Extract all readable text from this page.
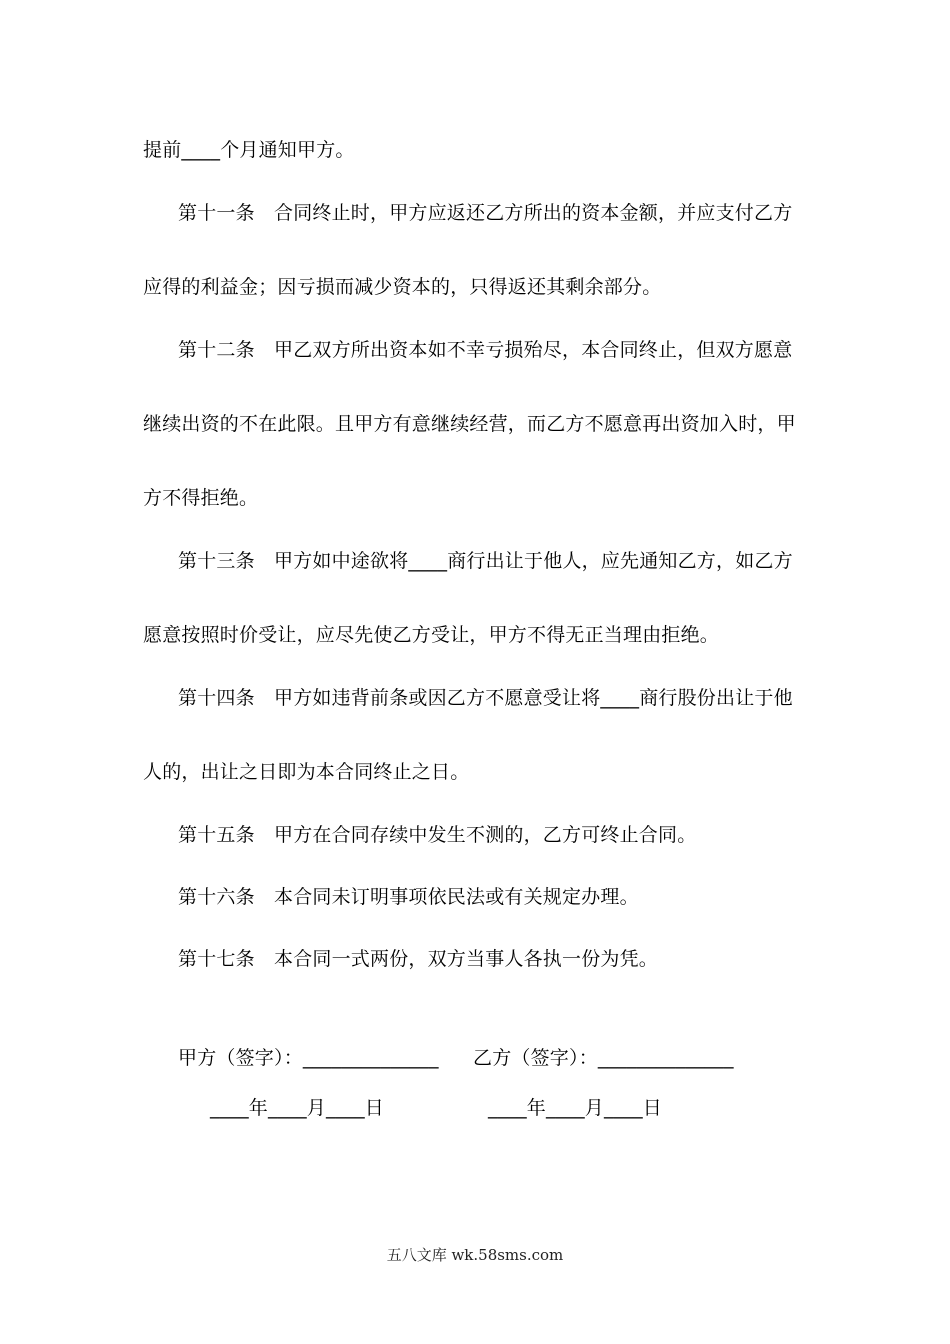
提前____个月通知甲方。
第十一条　合同终止时，甲方应返还乙方所出的资本金额，并应支付乙方
应得的利益金；因亏损而减少资本的，只得返还其剩余部分。
第十二条　甲乙双方所出资本如不幸亏损殆尽，本合同终止，但双方愿意
继续出资的不在此限。且甲方有意继续经营，而乙方不愿意再出资加入时，甲
方不得拒绝。
第十三条　甲方如中途欲将____商行出让于他人，应先通知乙方，如乙方
愿意按照时价受让，应尽先使乙方受让，甲方不得无正当理由拒绝。
第十四条　甲方如违背前条或因乙方不愿意受让将____商行股份出让于他
人的，出让之日即为本合同终止之日。
第十五条　甲方在合同存续中发生不测的，乙方可终止合同。
第十六条　本合同未订明事项依民法或有关规定办理。
第十七条　本合同一式两份，双方当事人各执一份为凭。
甲方（签字）：______________ 乙方（签字）：______________
____年____月____日	____年____月____日
五八文库 wk.58sms.com
